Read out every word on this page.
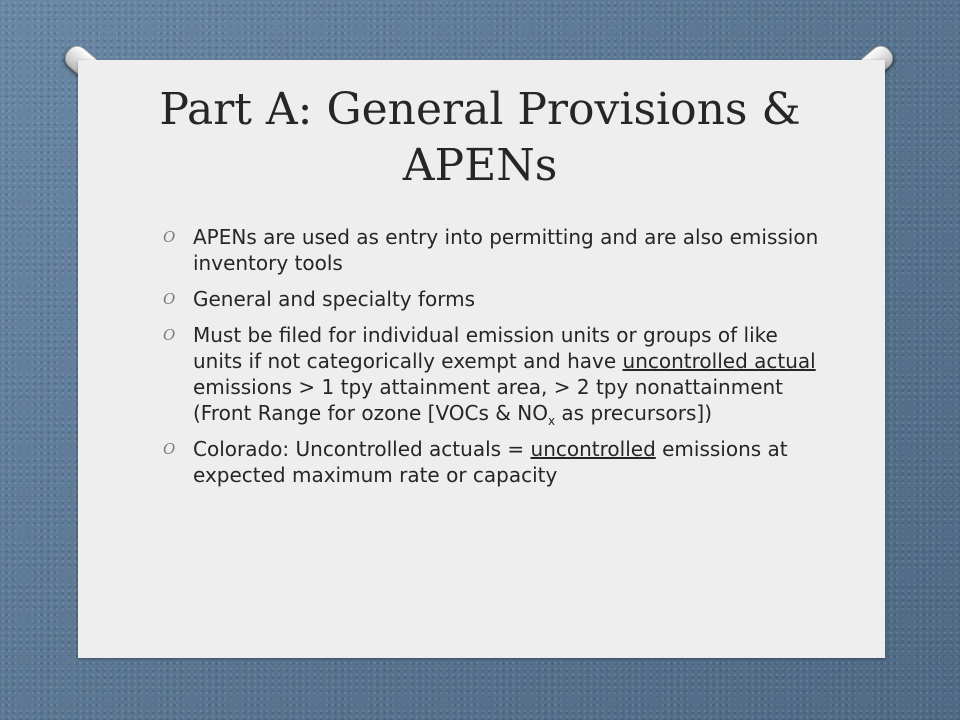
Part A: General Provisions & APENs
O APENs are used as entry into permitting and are also emission inventory tools
O General and specialty forms
O Must be filed for individual emission units or groups of like units if not categorically exempt and have uncontrolled actual emissions > 1 tpy attainment area, > 2 tpy nonattainment (Front Range for ozone [VOCs & $NO_x$ as precursors])
O Colorado: Uncontrolled actuals = uncontrolled emissions at expected maximum rate or capacity
